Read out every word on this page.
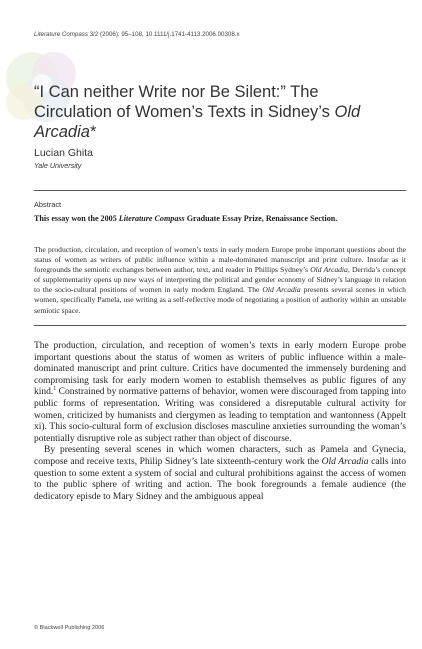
Literature Compass 3/2 (2006): 95–108, 10.1111/j.1741-4113.2006.00308.x
“I Can neither Write nor Be Silent:” The Circulation of Women’s Texts in Sidney’s Old Arcadia*
Lucian Ghita
Yale University
Abstract

This essay won the 2005 Literature Compass Graduate Essay Prize, Renaissance Section.

The production, circulation, and reception of women’s texts in early modern Europe probe important questions about the status of women as writers of public influence within a male-dominated manuscript and print culture. Insofar as it foregrounds the semiotic exchanges between author, text, and reader in Phillips Sydney’s Old Arcadia, Derrida’s concept of supplementarity opens up new ways of interpreting the political and gender economy of Sidney’s language in relation to the socio-cultural positions of women in early modern England. The Old Arcadia presents several scenes in which women, specifically Pamela, use writing as a self-reflective mode of negotiating a position of authority within an unstable semiotic space.

The production, circulation, and reception of women’s texts in early modern Europe probe important questions about the status of women as writers of public influence within a male-dominated manuscript and print culture. Critics have documented the immensely burdening and compromising task for early modern women to establish themselves as public figures of any kind.$^1$ Constrained by normative patterns of behavior, women were discouraged from tapping into public forms of representation. Writing was considered a disreputable cultural activity for women, criticized by humanists and clergymen as leading to temptation and wantonness (Appelt xi). This socio-cultural form of exclusion discloses masculine anxieties surrounding the woman’s potentially disruptive role as subject rather than object of discourse.

By presenting several scenes in which women characters, such as Pamela and Gynecia, compose and receive texts, Philip Sidney’s late sixteenth-century work the Old Arcadia calls into question to some extent a system of social and cultural prohibitions against the access of women to the public sphere of writing and action. The book foregrounds a female audience (the dedicatory episde to Mary Sidney and the ambiguous appeal

© Blackwell Publishing 2006
